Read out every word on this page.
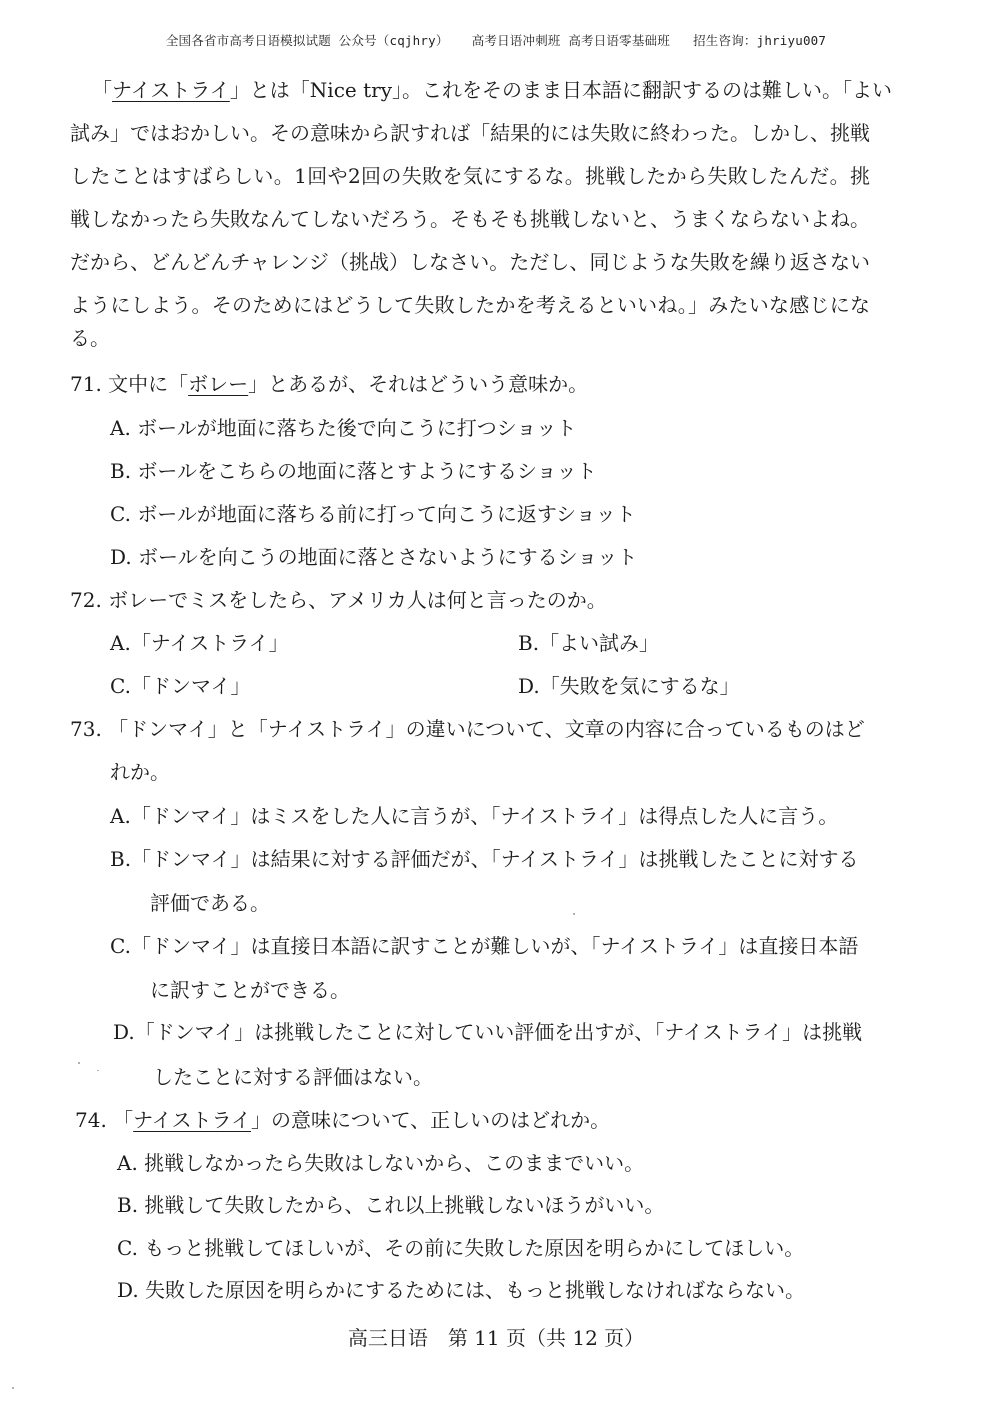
全国各省市高考日语模拟试题 公众号（cqjhry）   高考日语冲刺班 高考日语零基础班   招生咨询：jhriyu007
「ナイストライ」とは「Nice try」。これをそのまま日本語に翻訳するのは難しい。「よい
試み」ではおかしい。その意味から訳すれば「結果的には失敗に終わった。しかし、挑戦
したことはすばらしい。1回や2回の失敗を気にするな。挑戦したから失敗したんだ。挑
戦しなかったら失敗なんてしないだろう。そもそも挑戦しないと、うまくならないよね。
だから、どんどんチャレンジ（挑战）しなさい。ただし、同じような失敗を繰り返さない
ようにしよう。そのためにはどうして失敗したかを考えるといいね。」みたいな感じにな
る。
71. 文中に「ボレー」とあるが、それはどういう意味か。
A. ボールが地面に落ちた後で向こうに打つショット
B. ボールをこちらの地面に落とすようにするショット
C. ボールが地面に落ちる前に打って向こうに返すショット
D. ボールを向こうの地面に落とさないようにするショット
72. ボレーでミスをしたら、アメリカ人は何と言ったのか。
A.「ナイストライ」	B.「よい試み」
C.「ドンマイ」	D.「失敗を気にするな」
73. 「ドンマイ」と「ナイストライ」の違いについて、文章の内容に合っているものはど
れか。
A.「ドンマイ」はミスをした人に言うが、「ナイストライ」は得点した人に言う。
B.「ドンマイ」は結果に対する評価だが、「ナイストライ」は挑戦したことに対する
評価である。
C.「ドンマイ」は直接日本語に訳すことが難しいが、「ナイストライ」は直接日本語
に訳すことができる。
D.「ドンマイ」は挑戦したことに対していい評価を出すが、「ナイストライ」は挑戦
したことに対する評価はない。
74. 「ナイストライ」の意味について、正しいのはどれか。
A. 挑戦しなかったら失敗はしないから、このままでいい。
B. 挑戦して失敗したから、これ以上挑戦しないほうがいい。
C. もっと挑戦してほしいが、その前に失敗した原因を明らかにしてほしい。
D. 失敗した原因を明らかにするためには、もっと挑戦しなければならない。
高三日语　第 11 页（共 12 页）
